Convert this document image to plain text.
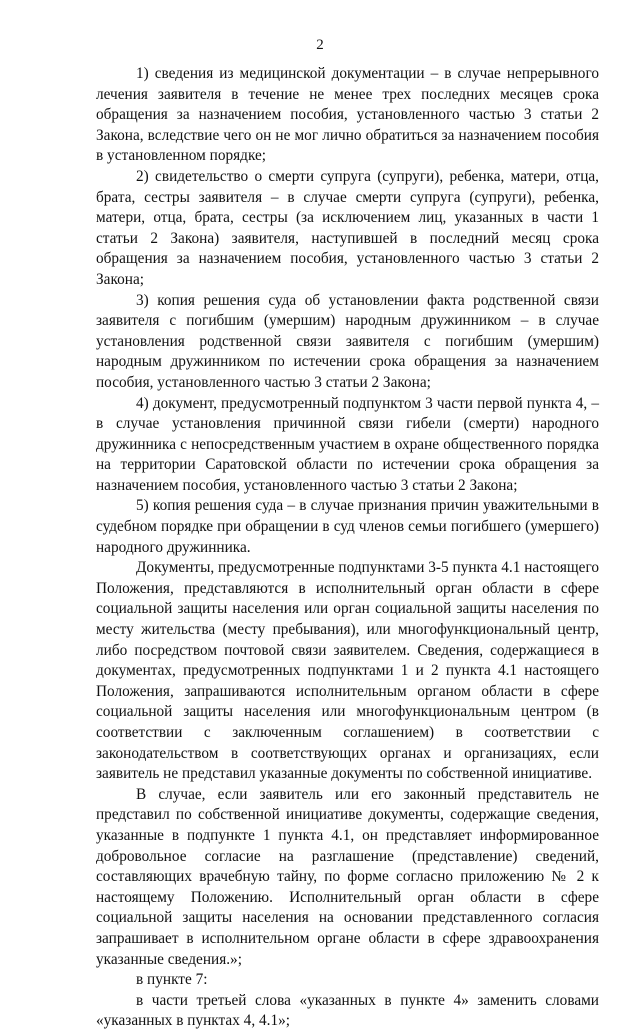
2

1) сведения из медицинской документации – в случае непрерывного лечения заявителя в течение не менее трех последних месяцев срока обращения за назначением пособия, установленного частью 3 статьи 2 Закона, вследствие чего он не мог лично обратиться за назначением пособия в установленном порядке;

2) свидетельство о смерти супруга (супруги), ребенка, матери, отца, брата, сестры заявителя – в случае смерти супруга (супруги), ребенка, матери, отца, брата, сестры (за исключением лиц, указанных в части 1 статьи 2 Закона) заявителя, наступившей в последний месяц срока обращения за назначением пособия, установленного частью 3 статьи 2 Закона;

3) копия решения суда об установлении факта родственной связи заявителя с погибшим (умершим) народным дружинником – в случае установления родственной связи заявителя с погибшим (умершим) народным дружинником по истечении срока обращения за назначением пособия, установленного частью 3 статьи 2 Закона;

4) документ, предусмотренный подпунктом 3 части первой пункта 4, – в случае установления причинной связи гибели (смерти) народного дружинника с непосредственным участием в охране общественного порядка на территории Саратовской области по истечении срока обращения за назначением пособия, установленного частью 3 статьи 2 Закона;

5) копия решения суда – в случае признания причин уважительными в судебном порядке при обращении в суд членов семьи погибшего (умершего) народного дружинника.

Документы, предусмотренные подпунктами 3-5 пункта 4.1 настоящего Положения, представляются в исполнительный орган области в сфере социальной защиты населения или орган социальной защиты населения по месту жительства (месту пребывания), или многофункциональный центр, либо посредством почтовой связи заявителем. Сведения, содержащиеся в документах, предусмотренных подпунктами 1 и 2 пункта 4.1 настоящего Положения, запрашиваются исполнительным органом области в сфере социальной защиты населения или многофункциональным центром (в соответствии с заключенным соглашением) в соответствии с законодательством в соответствующих органах и организациях, если заявитель не представил указанные документы по собственной инициативе.

В случае, если заявитель или его законный представитель не представил по собственной инициативе документы, содержащие сведения, указанные в подпункте 1 пункта 4.1, он представляет информированное добровольное согласие на разглашение (представление) сведений, составляющих врачебную тайну, по форме согласно приложению № 2 к настоящему Положению. Исполнительный орган области в сфере социальной защиты населения на основании представленного согласия запрашивает в исполнительном органе области в сфере здравоохранения указанные сведения.»;

в пункте 7:

в части третьей слова «указанных в пункте 4» заменить словами «указанных в пунктах 4, 4.1»;
